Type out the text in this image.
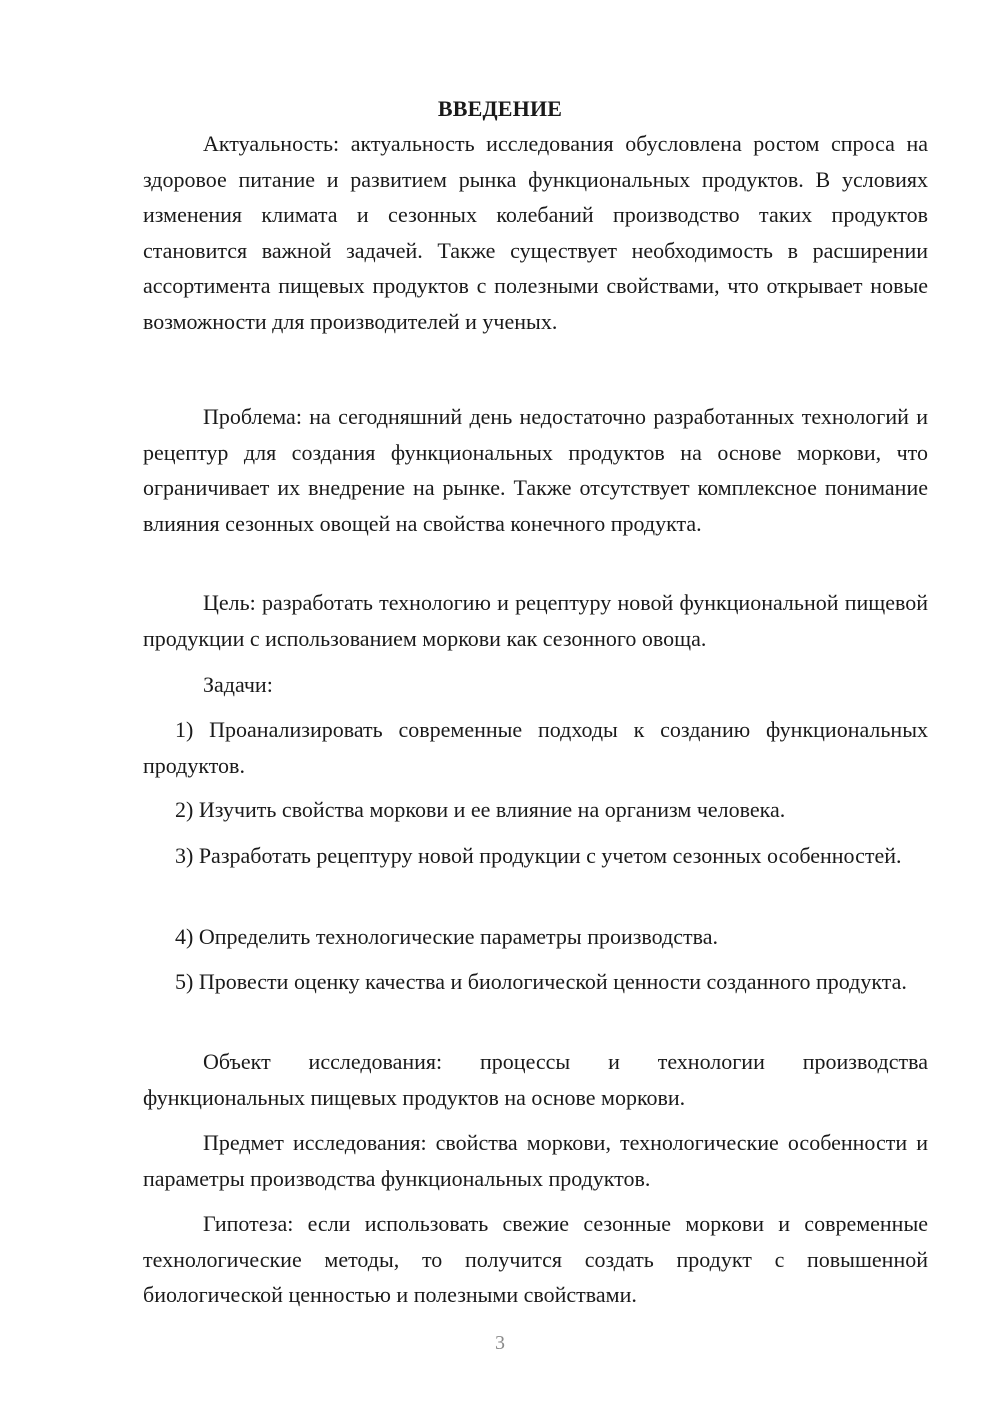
ВВЕДЕНИЕ

Актуальность: актуальность исследования обусловлена ростом спроса на здоровое питание и развитием рынка функциональных продуктов. В условиях изменения климата и сезонных колебаний производство таких продуктов становится важной задачей. Также существует необходимость в расширении ассортимента пищевых продуктов с полезными свойствами, что открывает новые возможности для производителей и ученых.

Проблема: на сегодняшний день недостаточно разработанных технологий и рецептур для создания функциональных продуктов на основе моркови, что ограничивает их внедрение на рынке. Также отсутствует комплексное понимание влияния сезонных овощей на свойства конечного продукта.

Цель: разработать технологию и рецептуру новой функциональной пищевой продукции с использованием моркови как сезонного овоща.

Задачи:

1) Проанализировать современные подходы к созданию функциональных продуктов.

2) Изучить свойства моркови и ее влияние на организм человека.

3) Разработать рецептуру новой продукции с учетом сезонных особенностей.

4) Определить технологические параметры производства.

5) Провести оценку качества и биологической ценности созданного продукта.

Объект исследования: процессы и технологии производства функциональных пищевых продуктов на основе моркови.

Предмет исследования: свойства моркови, технологические особенности и параметры производства функциональных продуктов.

Гипотеза: если использовать свежие сезонные моркови и современные технологические методы, то получится создать продукт с повышенной биологической ценностью и полезными свойствами.

3
